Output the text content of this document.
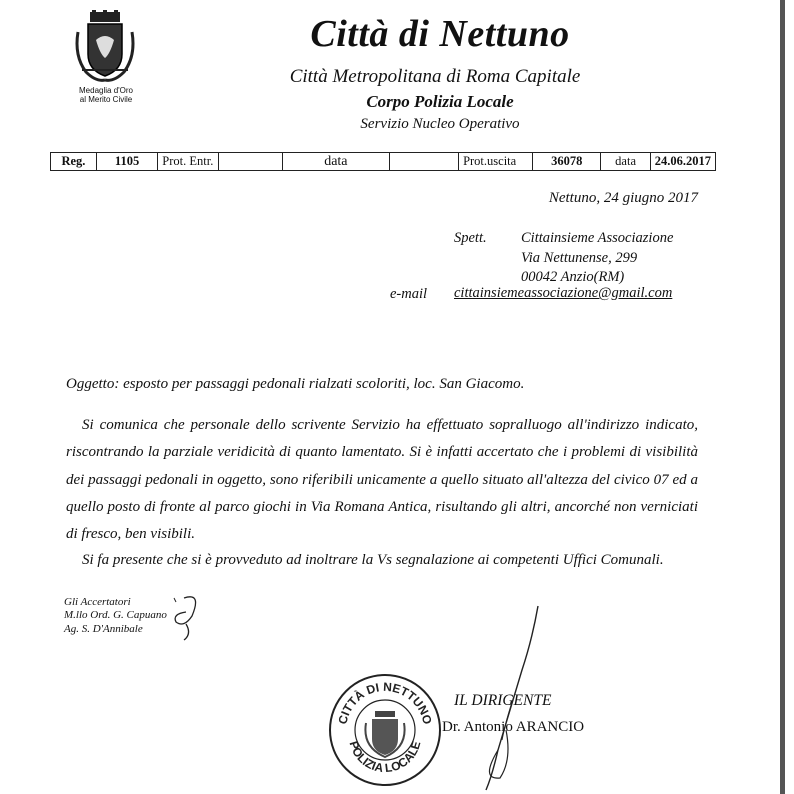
Medaglia d'Oro
al Merito Civile
Città di Nettuno
Città Metropolitana di Roma Capitale
Corpo Polizia Locale
Servizio Nucleo Operativo
Reg.	1105	Prot. Entr.		data		Prot.uscita	36078	data	24.06.2017
Nettuno, 24 giugno 2017
Spett. Cittainsieme Associazione
Via Nettunense, 299
00042 Anzio(RM)
e-mail cittainsiemeassociazione@gmail.com
Oggetto: esposto per passaggi pedonali rialzati scoloriti, loc. San Giacomo.
Si comunica che personale dello scrivente Servizio ha effettuato sopralluogo all'indirizzo indicato, riscontrando la parziale veridicità di quanto lamentato. Si è infatti accertato che i problemi di visibilità dei passaggi pedonali in oggetto, sono riferibili unicamente a quello situato all'altezza del civico 07 ed a quello posto di fronte al parco giochi in Via Romana Antica, risultando gli altri, ancorché non verniciati di fresco, ben visibili.
Si fa presente che si è provveduto ad inoltrare la Vs segnalazione ai competenti Uffici Comunali.
Gli Accertatori
M.llo Ord. G. Capuano
Ag. S. D'Annibale
CITTÀ DI NETTUNO
POLIZIA LOCALE
IL DIRIGENTE
Dr. Antonio ARANCIO
